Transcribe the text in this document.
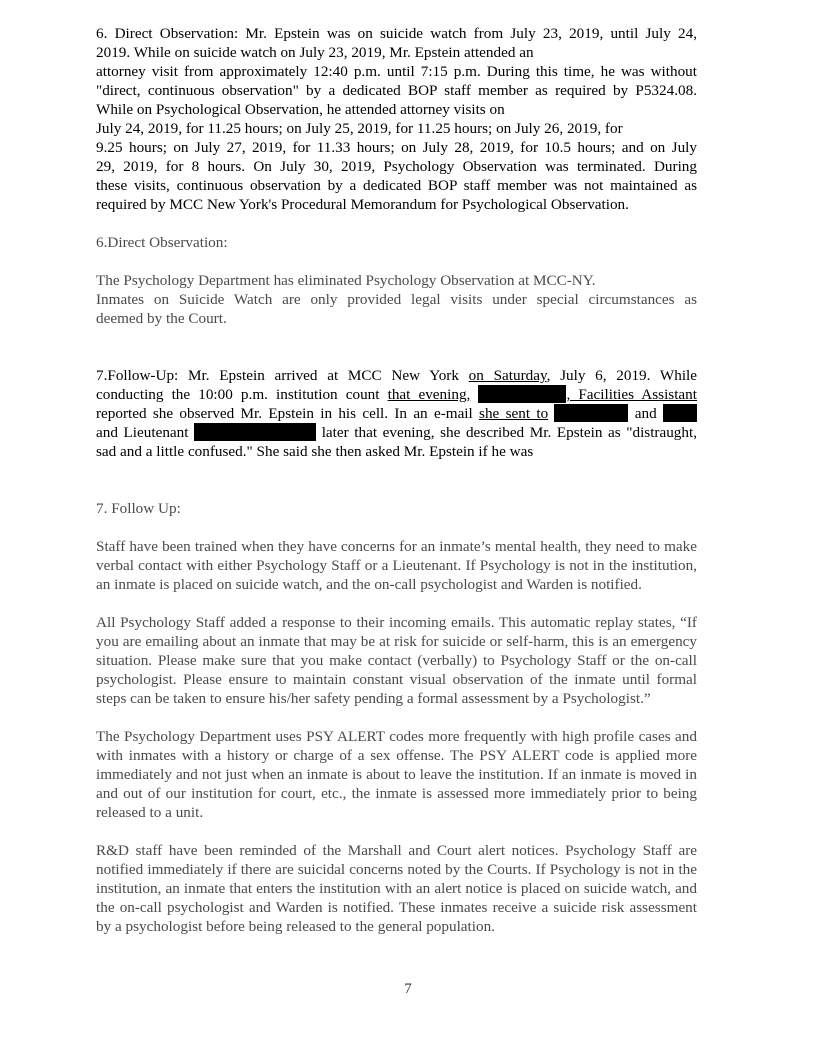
6. Direct Observation: Mr. Epstein was on suicide watch from July 23, 2019, until July 24,
2019. While on suicide watch on July 23, 2019, Mr. Epstein attended an
attorney visit from approximately 12:40 p.m. until 7:15 p.m. During this time, he was without
"direct, continuous observation" by a dedicated BOP staff member as required by P5324.08.
While on Psychological Observation, he attended attorney visits on
July 24, 2019, for 11.25 hours; on July 25, 2019, for 11.25 hours; on July 26, 2019, for
9.25 hours; on July 27, 2019, for 11.33 hours; on July 28, 2019, for 10.5 hours; and on July
29, 2019, for 8 hours. On July 30, 2019, Psychology Observation was terminated. During
these visits, continuous observation by a dedicated BOP staff member was not maintained as
required by MCC New York's Procedural Memorandum for Psychological Observation.

6.Direct Observation:

The Psychology Department has eliminated Psychology Observation at MCC-NY.
Inmates on Suicide Watch are only provided legal visits under special circumstances as
deemed by the Court.

7.Follow-Up: Mr. Epstein arrived at MCC New York on Saturday, July 6, 2019. While
conducting the 10:00 p.m. institution count that evening,	, Facilities Assistant
reported she observed Mr. Epstein in his cell. In an e-mail she sent to	and
and Lieutenant	later that evening, she described Mr. Epstein as "distraught,
sad and a little confused." She said she then asked Mr. Epstein if he was

7. Follow Up:

Staff have been trained when they have concerns for an inmate’s mental health, they need to make verbal contact with either Psychology Staff or a Lieutenant. If Psychology is not in the institution, an inmate is placed on suicide watch, and the on-call psychologist and Warden is notified.

All Psychology Staff added a response to their incoming emails. This automatic replay states, “If you are emailing about an inmate that may be at risk for suicide or self-harm, this is an emergency situation. Please make sure that you make contact (verbally) to Psychology Staff or the on-call psychologist. Please ensure to maintain constant visual observation of the inmate until formal steps can be taken to ensure his/her safety pending a formal assessment by a Psychologist.”

The Psychology Department uses PSY ALERT codes more frequently with high profile cases and with inmates with a history or charge of a sex offense. The PSY ALERT code is applied more immediately and not just when an inmate is about to leave the institution. If an inmate is moved in and out of our institution for court, etc., the inmate is assessed more immediately prior to being released to a unit.

R&D staff have been reminded of the Marshall and Court alert notices. Psychology Staff are notified immediately if there are suicidal concerns noted by the Courts. If Psychology is not in the institution, an inmate that enters the institution with an alert notice is placed on suicide watch, and the on-call psychologist and Warden is notified. These inmates receive a suicide risk assessment by a psychologist before being released to the general population.

7
